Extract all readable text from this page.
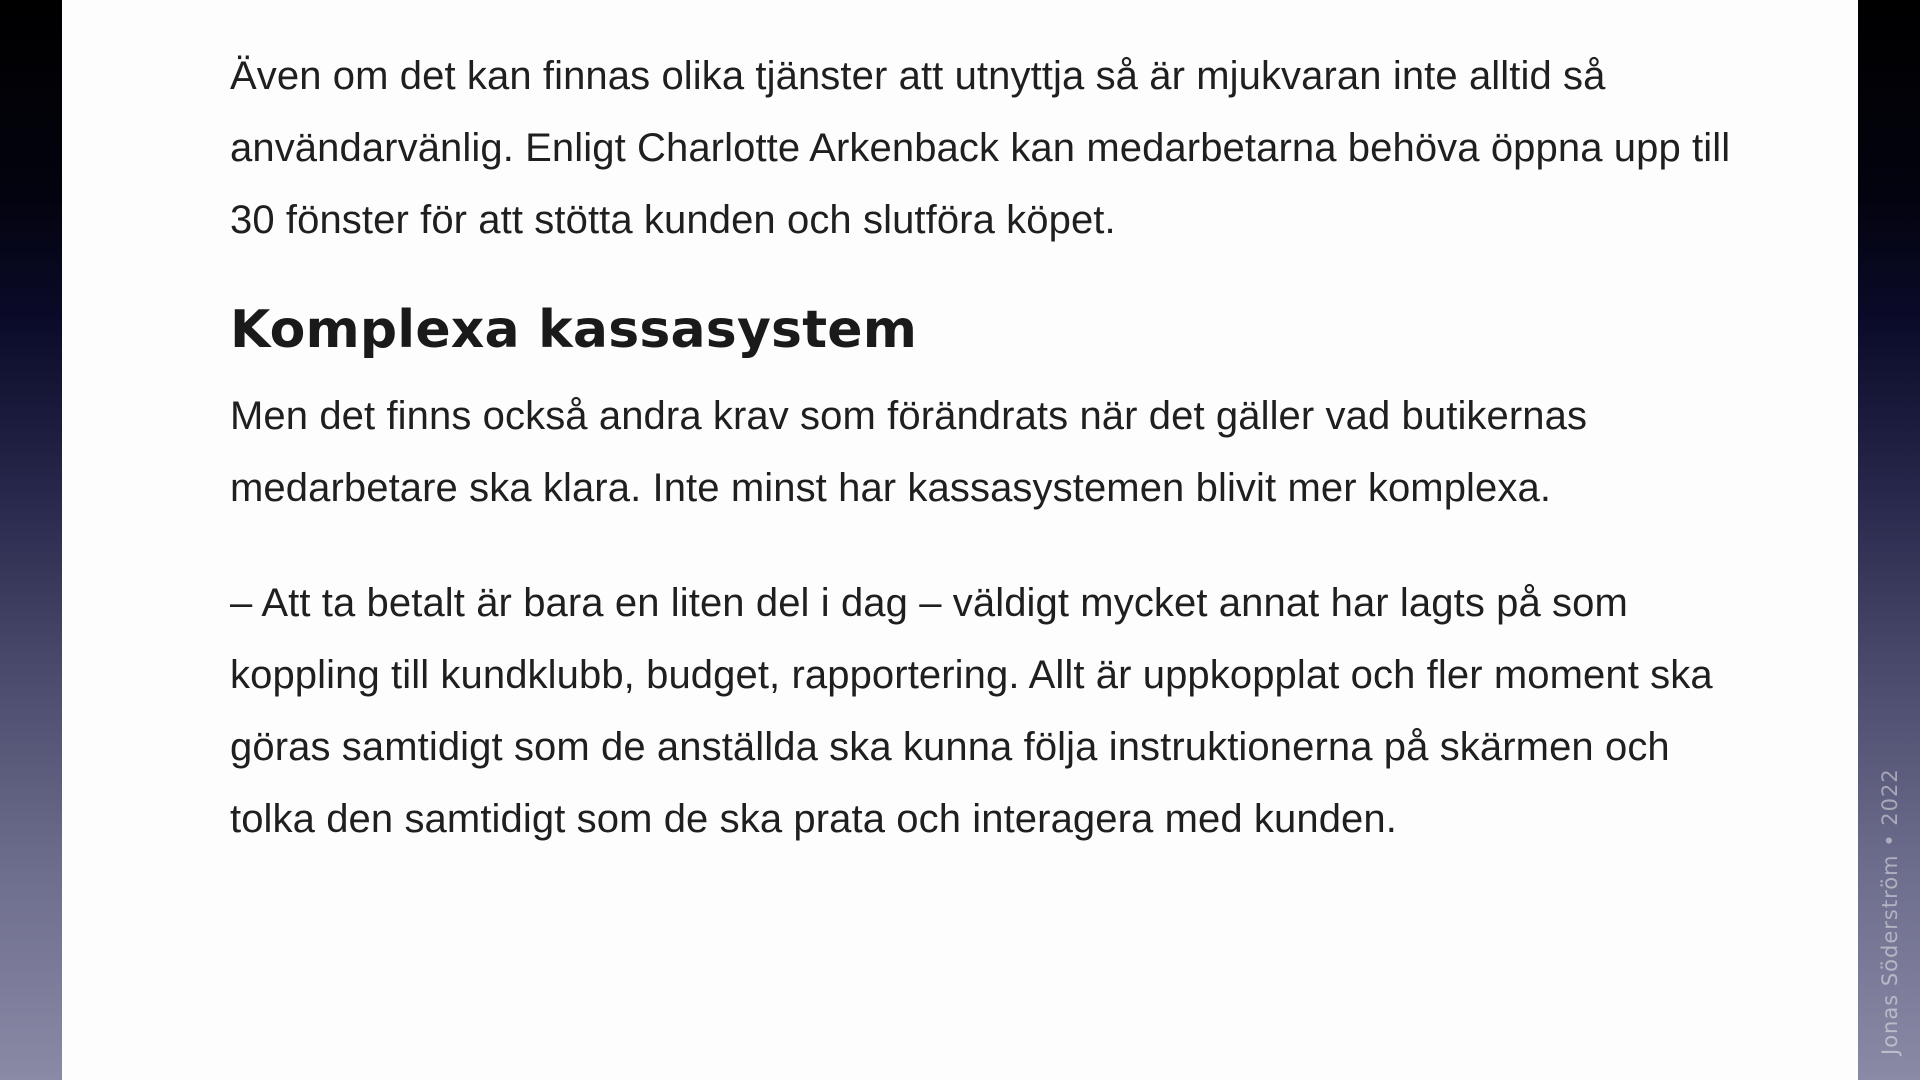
Även om det kan finnas olika tjänster att utnyttja så är mjukvaran inte alltid så användarvänlig. Enligt Charlotte Arkenback kan medarbetarna behöva öppna upp till 30 fönster för att stötta kunden och slutföra köpet.

Komplexa kassasystem

Men det finns också andra krav som förändrats när det gäller vad butikernas medarbetare ska klara. Inte minst har kassasystemen blivit mer komplexa.

– Att ta betalt är bara en liten del i dag – väldigt mycket annat har lagts på som koppling till kundklubb, budget, rapportering. Allt är uppkopplat och fler moment ska göras samtidigt som de anställda ska kunna följa instruktionerna på skärmen och tolka den samtidigt som de ska prata och interagera med kunden.	Jonas Söderström • 2022
